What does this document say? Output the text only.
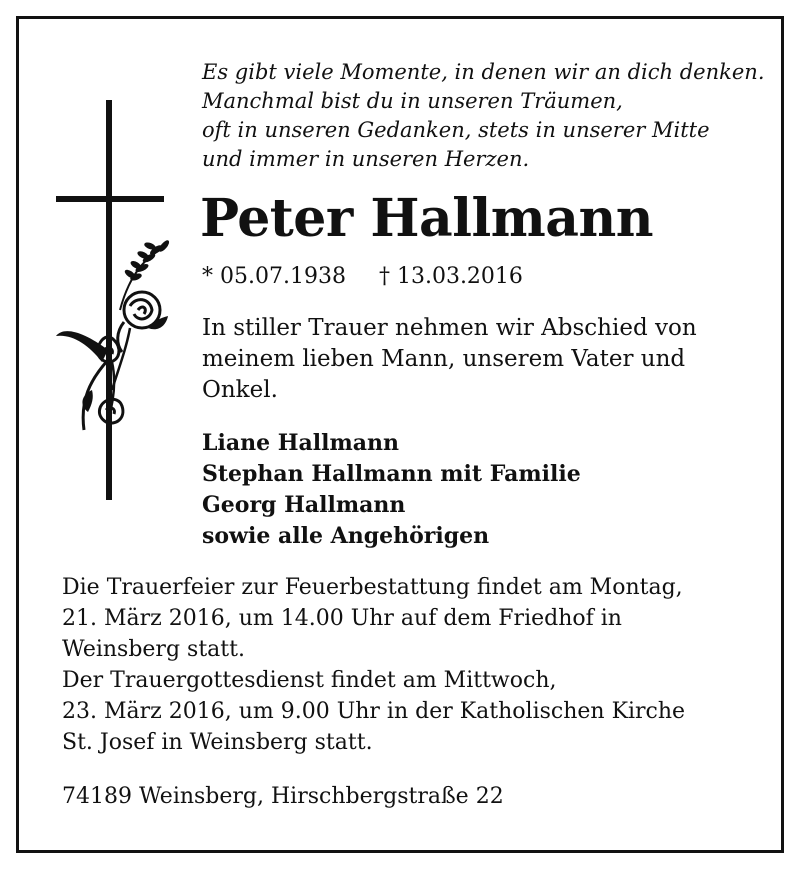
Es gibt viele Momente, in denen wir an dich denken.
Manchmal bist du in unseren Träumen,
oft in unseren Gedanken, stets in unserer Mitte
und immer in unseren Herzen.
Peter Hallmann
* 05.07.1938 † 13.03.2016
In stiller Trauer nehmen wir Abschied von
meinem lieben Mann, unserem Vater und
Onkel.
Liane Hallmann
Stephan Hallmann mit Familie
Georg Hallmann
sowie alle Angehörigen
Die Trauerfeier zur Feuerbestattung findet am Montag,
21. März 2016, um 14.00 Uhr auf dem Friedhof in
Weinsberg statt.
Der Trauergottesdienst findet am Mittwoch,
23. März 2016, um 9.00 Uhr in der Katholischen Kirche
St. Josef in Weinsberg statt.
74189 Weinsberg, Hirschbergstraße 22
